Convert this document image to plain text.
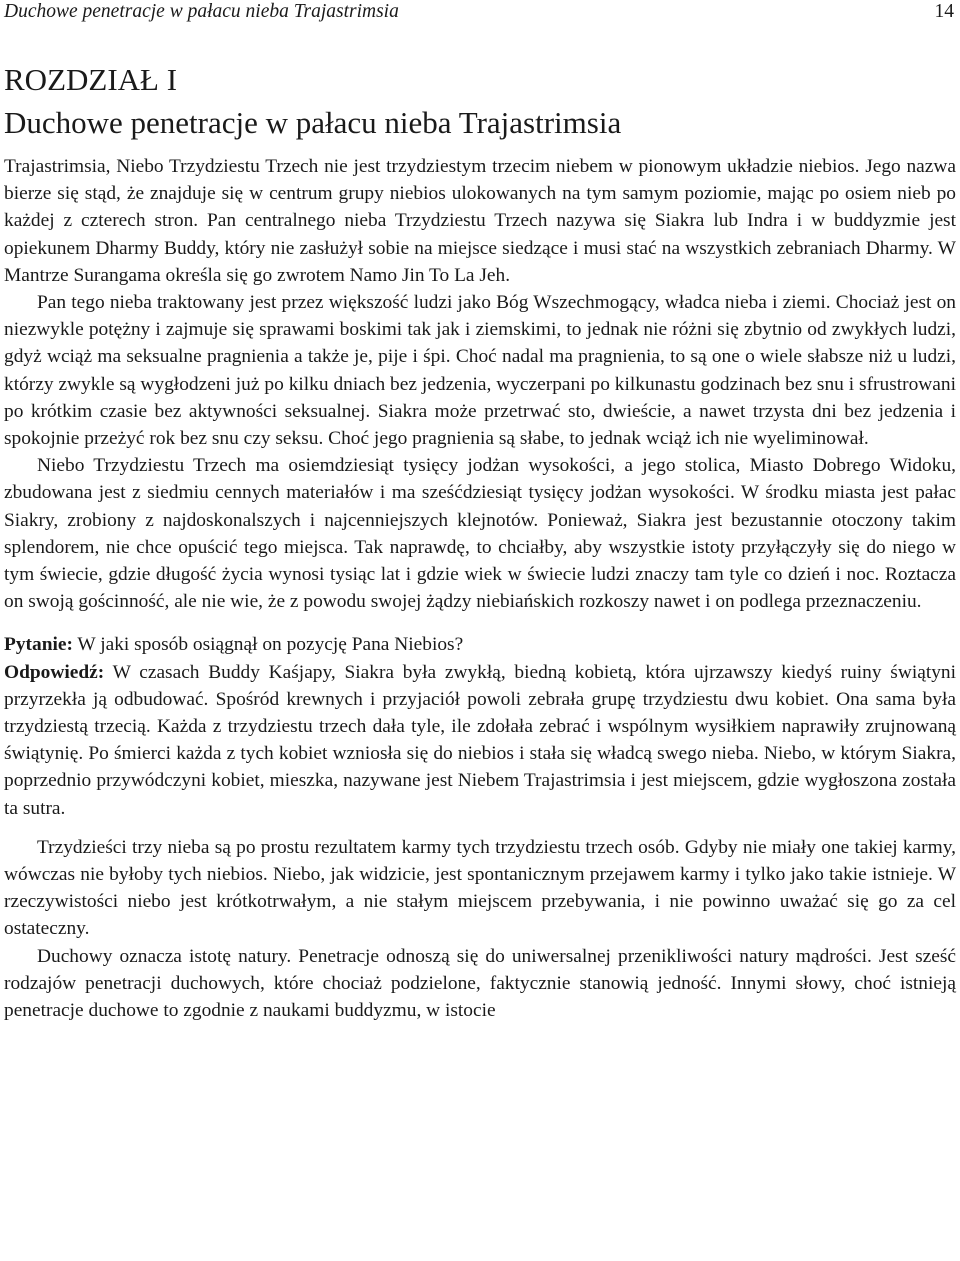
Duchowe penetracje w pałacu nieba Trajastrimsia	14
ROZDZIAŁ I
Duchowe penetracje w pałacu nieba Trajastrimsia

Trajastrimsia, Niebo Trzydziestu Trzech nie jest trzydziestym trzecim niebem w pionowym układzie niebios. Jego nazwa bierze się stąd, że znajduje się w centrum grupy niebios ulokowanych na tym samym poziomie, mając po osiem nieb po każdej z czterech stron. Pan centralnego nieba Trzydziestu Trzech nazywa się Siakra lub Indra i w buddyzmie jest opiekunem Dharmy Buddy, który nie zasłużył sobie na miejsce siedzące i musi stać na wszystkich zebraniach Dharmy. W Mantrze Surangama określa się go zwrotem Namo Jin To La Jeh.

Pan tego nieba traktowany jest przez większość ludzi jako Bóg Wszechmogący, władca nieba i ziemi. Chociaż jest on niezwykle potężny i zajmuje się sprawami boskimi tak jak i ziemskimi, to jednak nie różni się zbytnio od zwykłych ludzi, gdyż wciąż ma seksualne pragnienia a także je, pije i śpi. Choć nadal ma pragnienia, to są one o wiele słabsze niż u ludzi, którzy zwykle są wygłodzeni już po kilku dniach bez jedzenia, wyczerpani po kilkunastu godzinach bez snu i sfrustrowani po krótkim czasie bez aktywności seksualnej. Siakra może przetrwać sto, dwieście, a nawet trzysta dni bez jedzenia i spokojnie przeżyć rok bez snu czy seksu. Choć jego pragnienia są słabe, to jednak wciąż ich nie wyeliminował.

Niebo Trzydziestu Trzech ma osiemdziesiąt tysięcy jodżan wysokości, a jego stolica, Miasto Dobrego Widoku, zbudowana jest z siedmiu cennych materiałów i ma sześćdziesiąt tysięcy jodżan wysokości. W środku miasta jest pałac Siakry, zrobiony z najdoskonalszych i najcenniejszych klejnotów. Ponieważ, Siakra jest bezustannie otoczony takim splendorem, nie chce opuścić tego miejsca. Tak naprawdę, to chciałby, aby wszystkie istoty przyłączyły się do niego w tym świecie, gdzie długość życia wynosi tysiąc lat i gdzie wiek w świecie ludzi znaczy tam tyle co dzień i noc. Roztacza on swoją gościnność, ale nie wie, że z powodu swojej żądzy niebiańskich rozkoszy nawet i on podlega przeznaczeniu.

Pytanie: W jaki sposób osiągnął on pozycję Pana Niebios?

Odpowiedź: W czasach Buddy Kaśjapy, Siakra była zwykłą, biedną kobietą, która ujrzawszy kiedyś ruiny świątyni przyrzekła ją odbudować. Spośród krewnych i przyjaciół powoli zebrała grupę trzydziestu dwu kobiet. Ona sama była trzydziestą trzecią. Każda z trzydziestu trzech dała tyle, ile zdołała zebrać i wspólnym wysiłkiem naprawiły zrujnowaną świątynię. Po śmierci każda z tych kobiet wzniosła się do niebios i stała się władcą swego nieba. Niebo, w którym Siakra, poprzednio przywódczyni kobiet, mieszka, nazywane jest Niebem Trajastrimsia i jest miejscem, gdzie wygłoszona została ta sutra.

Trzydzieści trzy nieba są po prostu rezultatem karmy tych trzydziestu trzech osób. Gdyby nie miały one takiej karmy, wówczas nie byłoby tych niebios. Niebo, jak widzicie, jest spontanicznym przejawem karmy i tylko jako takie istnieje. W rzeczywistości niebo jest krótkotrwałym, a nie stałym miejscem przebywania, i nie powinno uważać się go za cel ostateczny.

Duchowy oznacza istotę natury. Penetracje odnoszą się do uniwersalnej przenikliwości natury mądrości. Jest sześć rodzajów penetracji duchowych, które chociaż podzielone, faktycznie stanowią jedność. Innymi słowy, choć istnieją penetracje duchowe to zgodnie z naukami buddyzmu, w istocie
